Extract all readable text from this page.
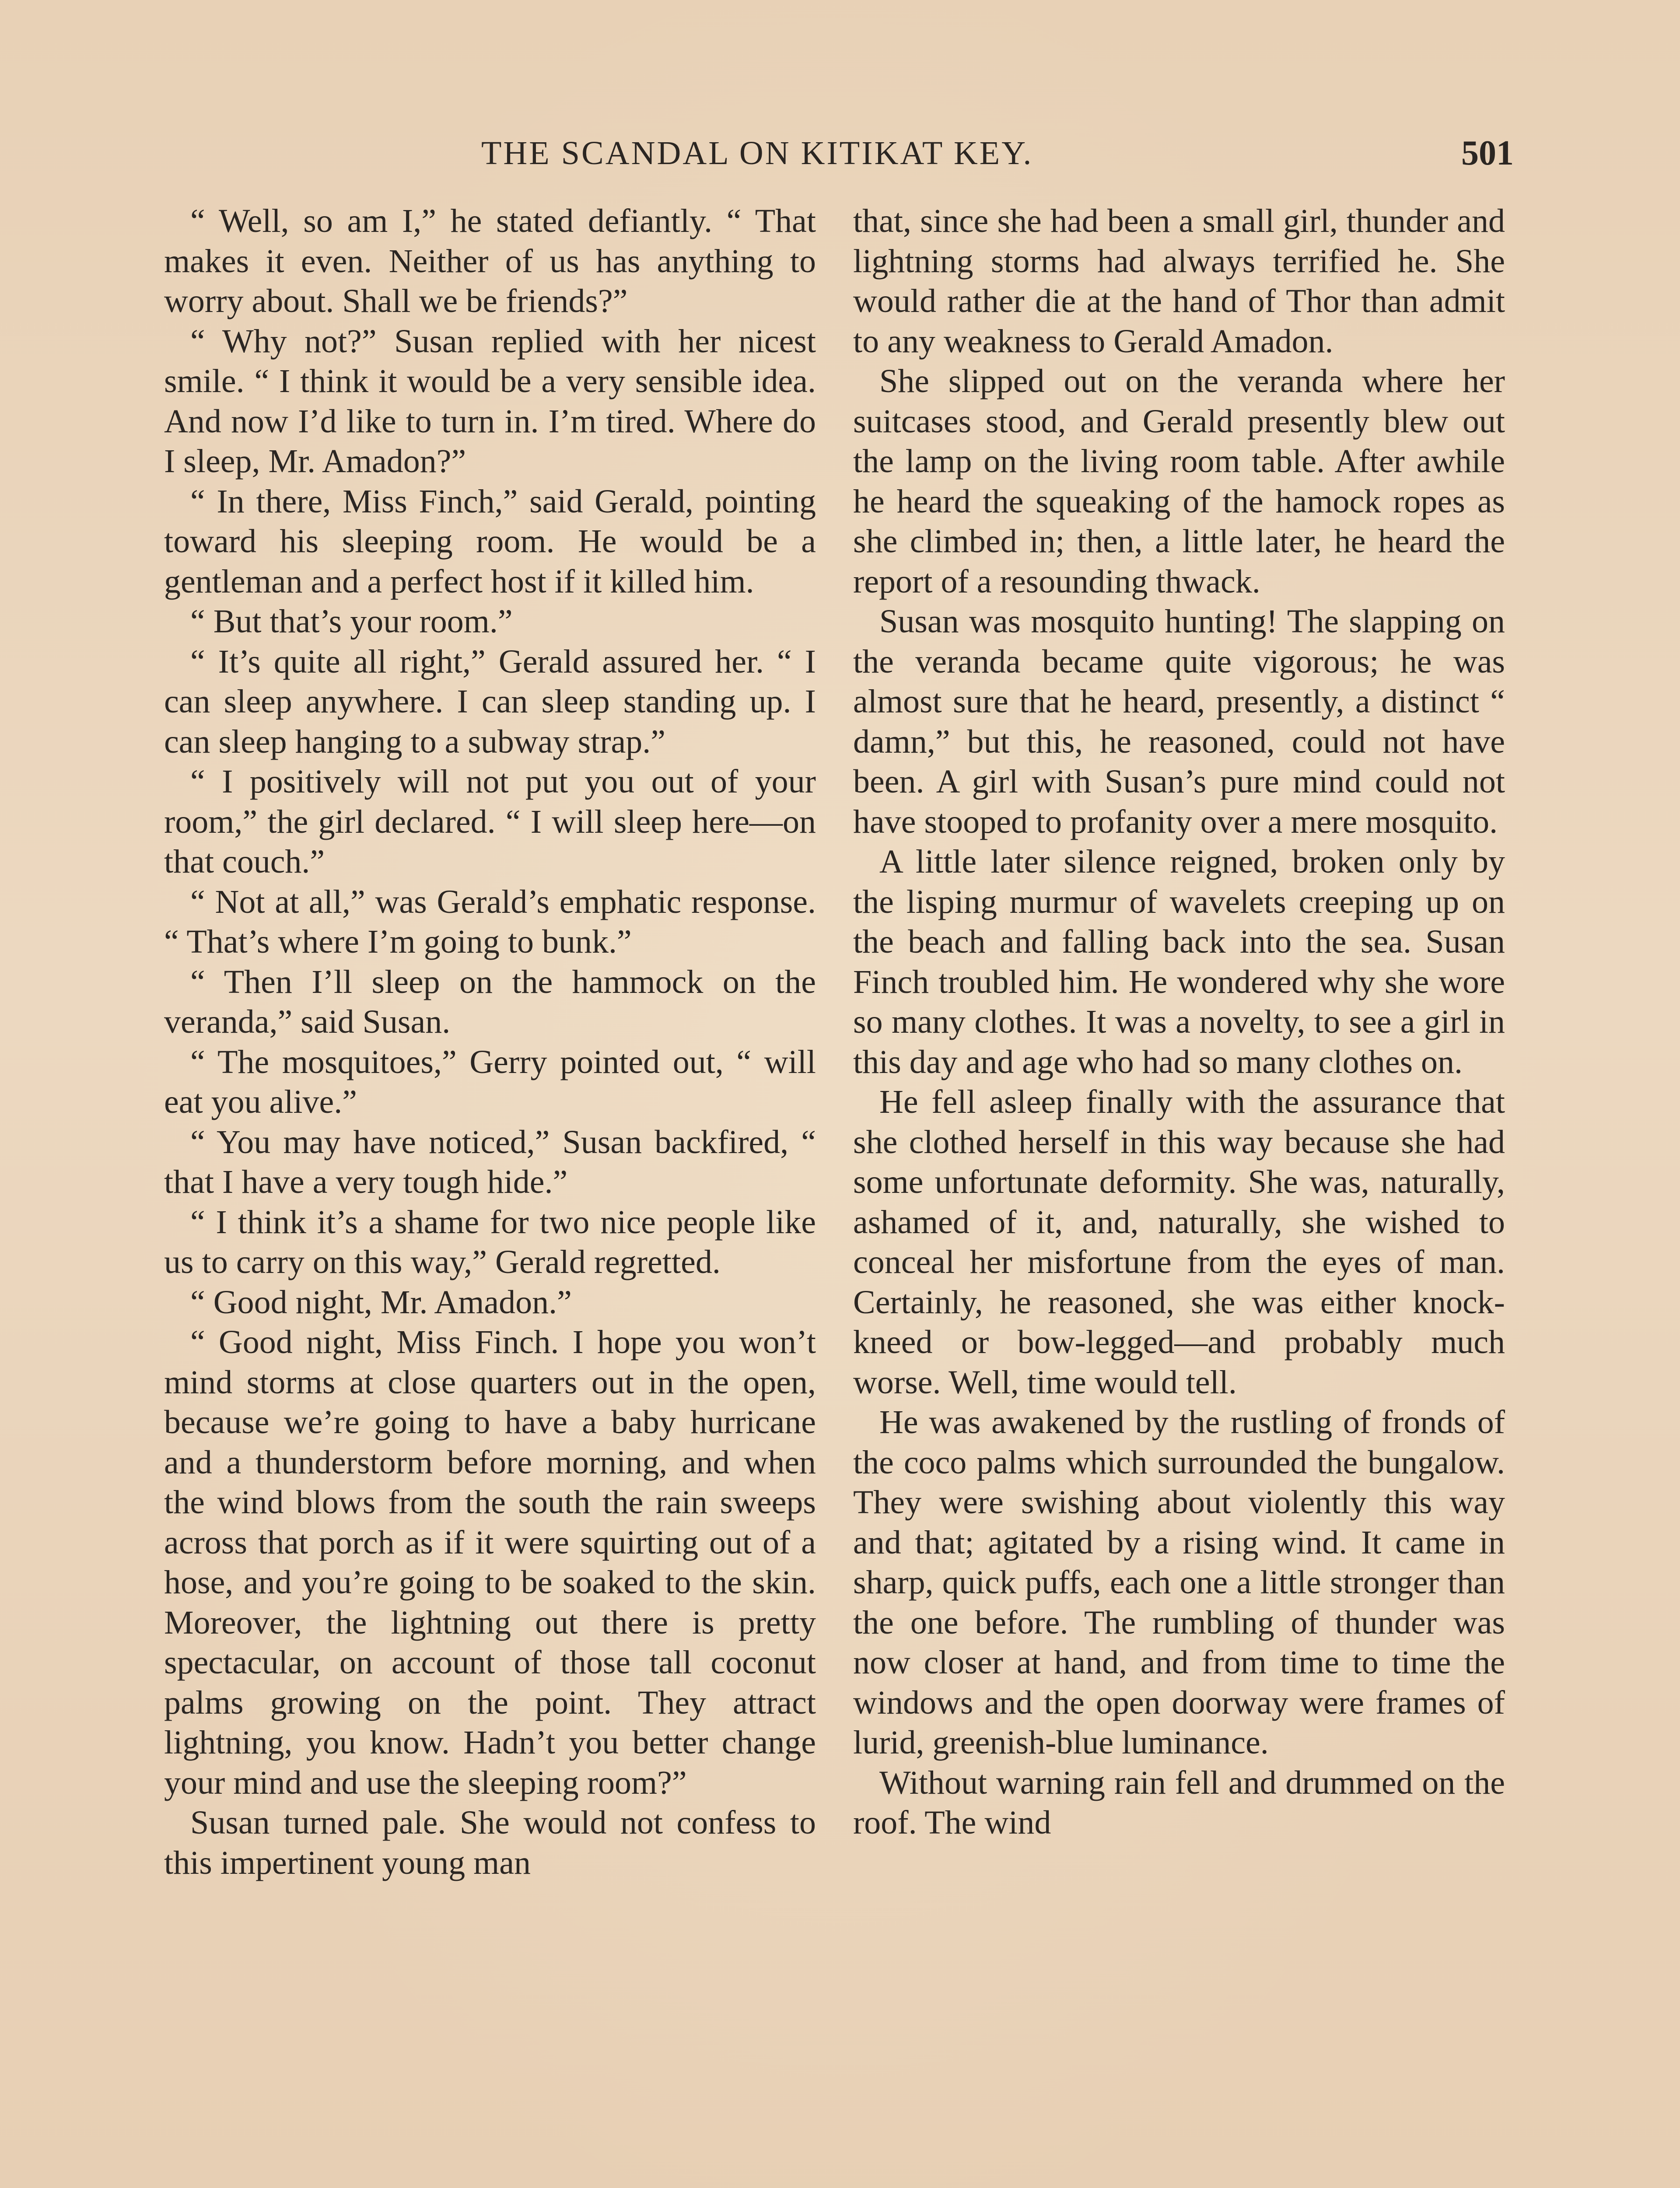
THE SCANDAL ON KITIKAT KEY.	501

“ Well, so am I,” he stated defiantly. “ That makes it even. Neither of us has anything to worry about. Shall we be friends?”

“ Why not?” Susan replied with her nicest smile. “ I think it would be a very sensible idea. And now I’d like to turn in. I’m tired. Where do I sleep, Mr. Amadon?”

“ In there, Miss Finch,” said Gerald, pointing toward his sleeping room. He would be a gentleman and a perfect host if it killed him.

“ But that’s your room.”

“ It’s quite all right,” Gerald assured her. “ I can sleep anywhere. I can sleep standing up. I can sleep hanging to a subway strap.”

“ I positively will not put you out of your room,” the girl declared. “ I will sleep here—on that couch.”

“ Not at all,” was Gerald’s emphatic response. “ That’s where I’m going to bunk.”

“ Then I’ll sleep on the hammock on the veranda,” said Susan.

“ The mosquitoes,” Gerry pointed out, “ will eat you alive.”

“ You may have noticed,” Susan backfired, “ that I have a very tough hide.”

“ I think it’s a shame for two nice people like us to carry on this way,” Gerald regretted.

“ Good night, Mr. Amadon.”

“ Good night, Miss Finch. I hope you won’t mind storms at close quarters out in the open, because we’re going to have a baby hurricane and a thunderstorm before morning, and when the wind blows from the south the rain sweeps across that porch as if it were squirting out of a hose, and you’re going to be soaked to the skin. Moreover, the lightning out there is pretty spectacular, on account of those tall coconut palms growing on the point. They attract lightning, you know. Hadn’t you better change your mind and use the sleeping room?”

Susan turned pale. She would not confess to this impertinent young man

that, since she had been a small girl, thunder and lightning storms had always terrified he. She would rather die at the hand of Thor than admit to any weakness to Gerald Amadon.

She slipped out on the veranda where her suitcases stood, and Gerald presently blew out the lamp on the living room table. After awhile he heard the squeaking of the hamock ropes as she climbed in; then, a little later, he heard the report of a resounding thwack.

Susan was mosquito hunting! The slapping on the veranda became quite vigorous; he was almost sure that he heard, presently, a distinct “ damn,” but this, he reasoned, could not have been. A girl with Susan’s pure mind could not have stooped to profanity over a mere mosquito.

A little later silence reigned, broken only by the lisping murmur of wavelets creeping up on the beach and falling back into the sea. Susan Finch troubled him. He wondered why she wore so many clothes. It was a novelty, to see a girl in this day and age who had so many clothes on.

He fell asleep finally with the assurance that she clothed herself in this way because she had some unfortunate deformity. She was, naturally, ashamed of it, and, naturally, she wished to conceal her misfortune from the eyes of man. Certainly, he reasoned, she was either knock-kneed or bow-legged—and probably much worse. Well, time would tell.

He was awakened by the rustling of fronds of the coco palms which surrounded the bungalow. They were swishing about violently this way and that; agitated by a rising wind. It came in sharp, quick puffs, each one a little stronger than the one before. The rumbling of thunder was now closer at hand, and from time to time the windows and the open doorway were frames of lurid, greenish-blue luminance.

Without warning rain fell and drummed on the roof. The wind
